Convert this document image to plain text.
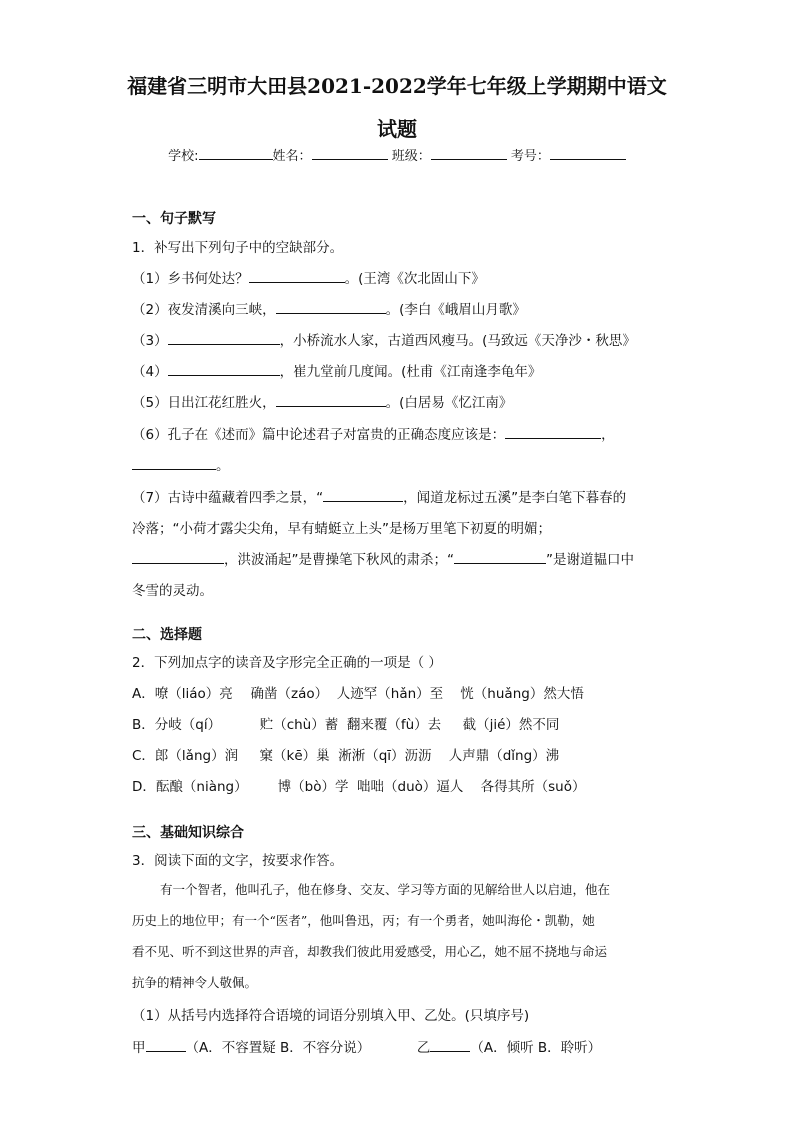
福建省三明市大田县2021-2022学年七年级上学期期中语文
试题
学校:	姓名：	班级：	考号：
一、句子默写
1．补写出下列句子中的空缺部分。
（1）乡书何处达？	。(王湾《次北固山下》
（2）夜发清溪向三峡，	。(李白《峨眉山月歌》
（3）	，小桥流水人家，古道西风瘦马。(马致远《天净沙・秋思》
（4）	，崔九堂前几度闻。(杜甫《江南逢李龟年》
（5）日出江花红胜火，	。(白居易《忆江南》
（6）孔子在《述而》篇中论述君子对富贵的正确态度应该是：	，
。
（7）古诗中蕴藏着四季之景，“	，闻道龙标过五溪”是李白笔下暮春的
冷落；“小荷才露尖尖角，早有蜻蜓立上头”是杨万里笔下初夏的明媚；
，洪波涌起”是曹操笔下秋风的肃杀；“	”是谢道韫口中
冬雪的灵动。
二、选择题
2．下列加点字的读音及字形完全正确的一项是（ ）
A．嘹（liáo）亮　 确凿（záo）  人迹罕（hǎn）至    恍（huǎng）然大悟
B．分岐（qí）         贮（chù）蓄  翻来覆（fù）去     截（jié）然不同
C．郎（lǎng）润     窠（kē）巢  淅淅（qī）沥沥    人声鼎（dǐng）沸
D．酝酿（niàng）       博（bò）学  咄咄（duò）逼人    各得其所（suǒ）
三、基础知识综合
3．阅读下面的文字，按要求作答。
有一个智者，他叫孔子，他在修身、交友、学习等方面的见解给世人以启迪，他在
历史上的地位甲；有一个“医者”，他叫鲁迅，丙；有一个勇者，她叫海伦・凯勒，她
看不见、听不到这世界的声音，却教我们彼此用爱感受，用心乙，她不屈不挠地与命运
抗争的精神令人敬佩。
（1）从括号内选择符合语境的词语分别填入甲、乙处。(只填序号)
甲	（A．不容置疑 B．不容分说）	乙	（A．倾听 B．聆听）
